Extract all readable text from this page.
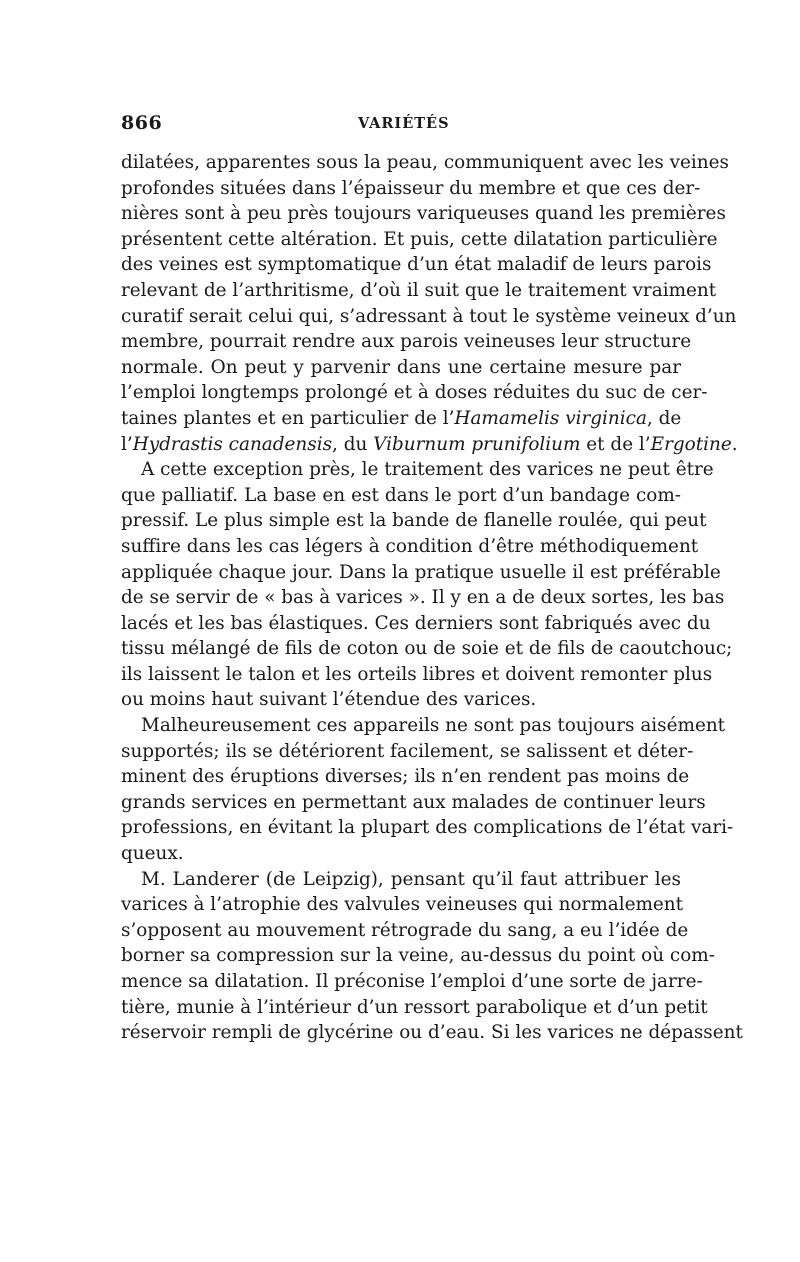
866	VARIÉTÉS
dilatées, apparentes sous la peau, communiquent avec les veines
profondes situées dans l’épaisseur du membre et que ces der-
nières sont à peu près toujours variqueuses quand les premières
présentent cette altération. Et puis, cette dilatation particulière
des veines est symptomatique d’un état maladif de leurs parois
relevant de l’arthritisme, d’où il suit que le traitement vraiment
curatif serait celui qui, s’adressant à tout le système veineux d’un
membre, pourrait rendre aux parois veineuses leur structure
normale. On peut y parvenir dans une certaine mesure par
l’emploi longtemps prolongé et à doses réduites du suc de cer-
taines plantes et en particulier de l’Hamamelis virginica, de
l’Hydrastis canadensis, du Viburnum prunifolium et de l’Ergotine.
A cette exception près, le traitement des varices ne peut être
que palliatif. La base en est dans le port d’un bandage com-
pressif. Le plus simple est la bande de flanelle roulée, qui peut
suffire dans les cas légers à condition d’être méthodiquement
appliquée chaque jour. Dans la pratique usuelle il est préférable
de se servir de « bas à varices ». Il y en a de deux sortes, les bas
lacés et les bas élastiques. Ces derniers sont fabriqués avec du
tissu mélangé de fils de coton ou de soie et de fils de caoutchouc;
ils laissent le talon et les orteils libres et doivent remonter plus
ou moins haut suivant l’étendue des varices.
Malheureusement ces appareils ne sont pas toujours aisément
supportés; ils se détériorent facilement, se salissent et déter-
minent des éruptions diverses; ils n’en rendent pas moins de
grands services en permettant aux malades de continuer leurs
professions, en évitant la plupart des complications de l’état vari-
queux.
M. Landerer (de Leipzig), pensant qu’il faut attribuer les
varices à l’atrophie des valvules veineuses qui normalement
s’opposent au mouvement rétrograde du sang, a eu l’idée de
borner sa compression sur la veine, au-dessus du point où com-
mence sa dilatation. Il préconise l’emploi d’une sorte de jarre-
tière, munie à l’intérieur d’un ressort parabolique et d’un petit
réservoir rempli de glycérine ou d’eau. Si les varices ne dépassent
